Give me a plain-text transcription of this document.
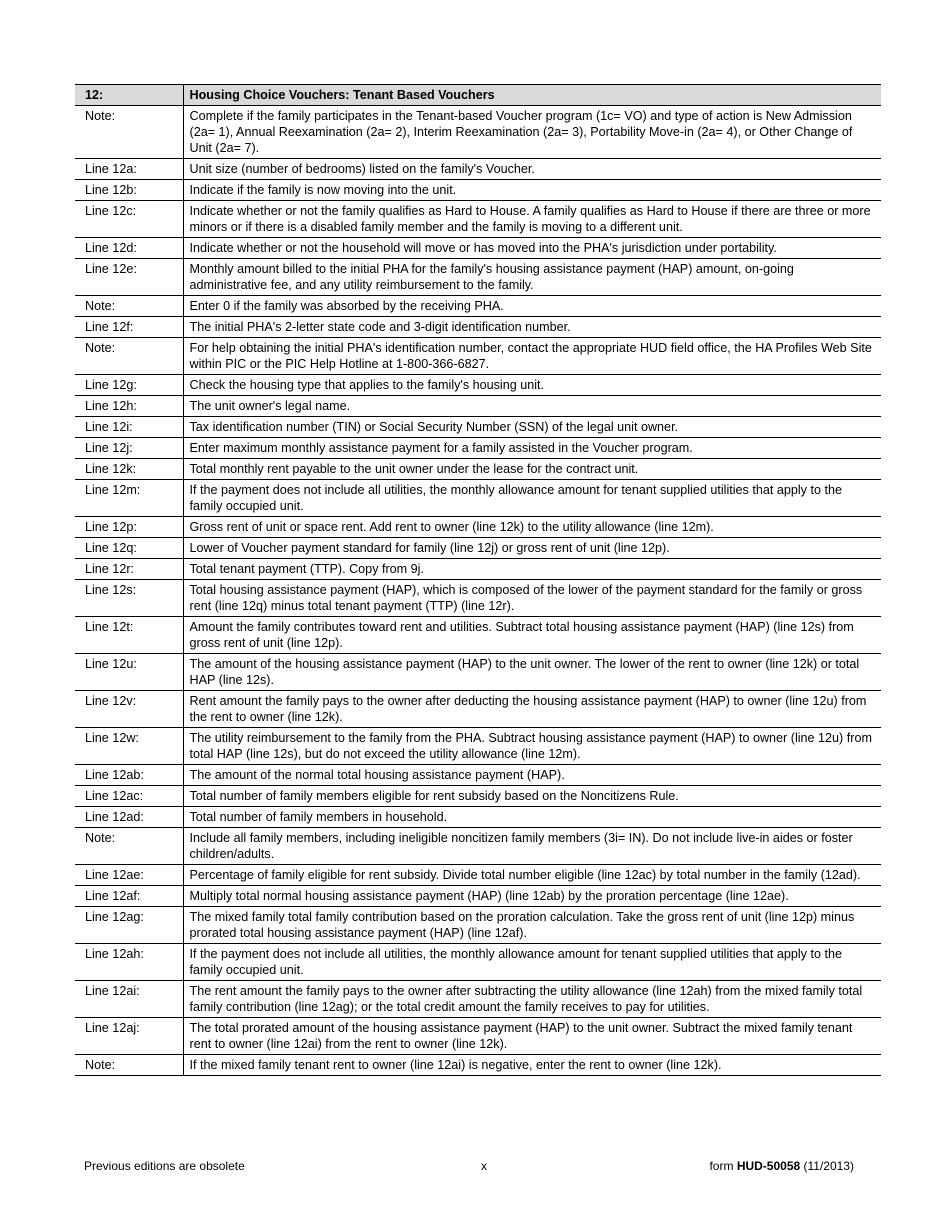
12:	Housing Choice Vouchers: Tenant Based Vouchers
Note:	Complete if the family participates in the Tenant-based Voucher program (1c= VO) and type of action is New Admission (2a= 1), Annual Reexamination (2a= 2), Interim Reexamination (2a= 3), Portability Move-in (2a= 4), or Other Change of Unit (2a= 7).
Line 12a:	Unit size (number of bedrooms) listed on the family's Voucher.
Line 12b:	Indicate if the family is now moving into the unit.
Line 12c:	Indicate whether or not the family qualifies as Hard to House. A family qualifies as Hard to House if there are three or more minors or if there is a disabled family member and the family is moving to a different unit.
Line 12d:	Indicate whether or not the household will move or has moved into the PHA's jurisdiction under portability.
Line 12e:	Monthly amount billed to the initial PHA for the family's housing assistance payment (HAP) amount, on-going administrative fee, and any utility reimbursement to the family.
Note:	Enter 0 if the family was absorbed by the receiving PHA.
Line 12f:	The initial PHA's 2-letter state code and 3-digit identification number.
Note:	For help obtaining the initial PHA's identification number, contact the appropriate HUD field office, the HA Profiles Web Site within PIC or the PIC Help Hotline at 1-800-366-6827.
Line 12g:	Check the housing type that applies to the family's housing unit.
Line 12h:	The unit owner's legal name.
Line 12i:	Tax identification number (TIN) or Social Security Number (SSN) of the legal unit owner.
Line 12j:	Enter maximum monthly assistance payment for a family assisted in the Voucher program.
Line 12k:	Total monthly rent payable to the unit owner under the lease for the contract unit.
Line 12m:	If the payment does not include all utilities, the monthly allowance amount for tenant supplied utilities that apply to the family occupied unit.
Line 12p:	Gross rent of unit or space rent. Add rent to owner (line 12k) to the utility allowance (line 12m).
Line 12q:	Lower of Voucher payment standard for family (line 12j) or gross rent of unit (line 12p).
Line 12r:	Total tenant payment (TTP). Copy from 9j.
Line 12s:	Total housing assistance payment (HAP), which is composed of the lower of the payment standard for the family or gross rent (line 12q) minus total tenant payment (TTP) (line 12r).
Line 12t:	Amount the family contributes toward rent and utilities. Subtract total housing assistance payment (HAP) (line 12s) from gross rent of unit (line 12p).
Line 12u:	The amount of the housing assistance payment (HAP) to the unit owner. The lower of the rent to owner (line 12k) or total HAP (line 12s).
Line 12v:	Rent amount the family pays to the owner after deducting the housing assistance payment (HAP) to owner (line 12u) from the rent to owner (line 12k).
Line 12w:	The utility reimbursement to the family from the PHA. Subtract housing assistance payment (HAP) to owner (line 12u) from total HAP (line 12s), but do not exceed the utility allowance (line 12m).
Line 12ab:	The amount of the normal total housing assistance payment (HAP).
Line 12ac:	Total number of family members eligible for rent subsidy based on the Noncitizens Rule.
Line 12ad:	Total number of family members in household.
Note:	Include all family members, including ineligible noncitizen family members (3i= IN). Do not include live-in aides or foster children/adults.
Line 12ae:	Percentage of family eligible for rent subsidy. Divide total number eligible (line 12ac) by total number in the family (12ad).
Line 12af:	Multiply total normal housing assistance payment (HAP) (line 12ab) by the proration percentage (line 12ae).
Line 12ag:	The mixed family total family contribution based on the proration calculation. Take the gross rent of unit (line 12p) minus prorated total housing assistance payment (HAP) (line 12af).
Line 12ah:	If the payment does not include all utilities, the monthly allowance amount for tenant supplied utilities that apply to the family occupied unit.
Line 12ai:	The rent amount the family pays to the owner after subtracting the utility allowance (line 12ah) from the mixed family total family contribution (line 12ag); or the total credit amount the family receives to pay for utilities.
Line 12aj:	The total prorated amount of the housing assistance payment (HAP) to the unit owner. Subtract the mixed family tenant rent to owner (line 12ai) from the rent to owner (line 12k).
Note:	If the mixed family tenant rent to owner (line 12ai) is negative, enter the rent to owner (line 12k).
Previous editions are obsolete	x	form HUD-50058 (11/2013)
